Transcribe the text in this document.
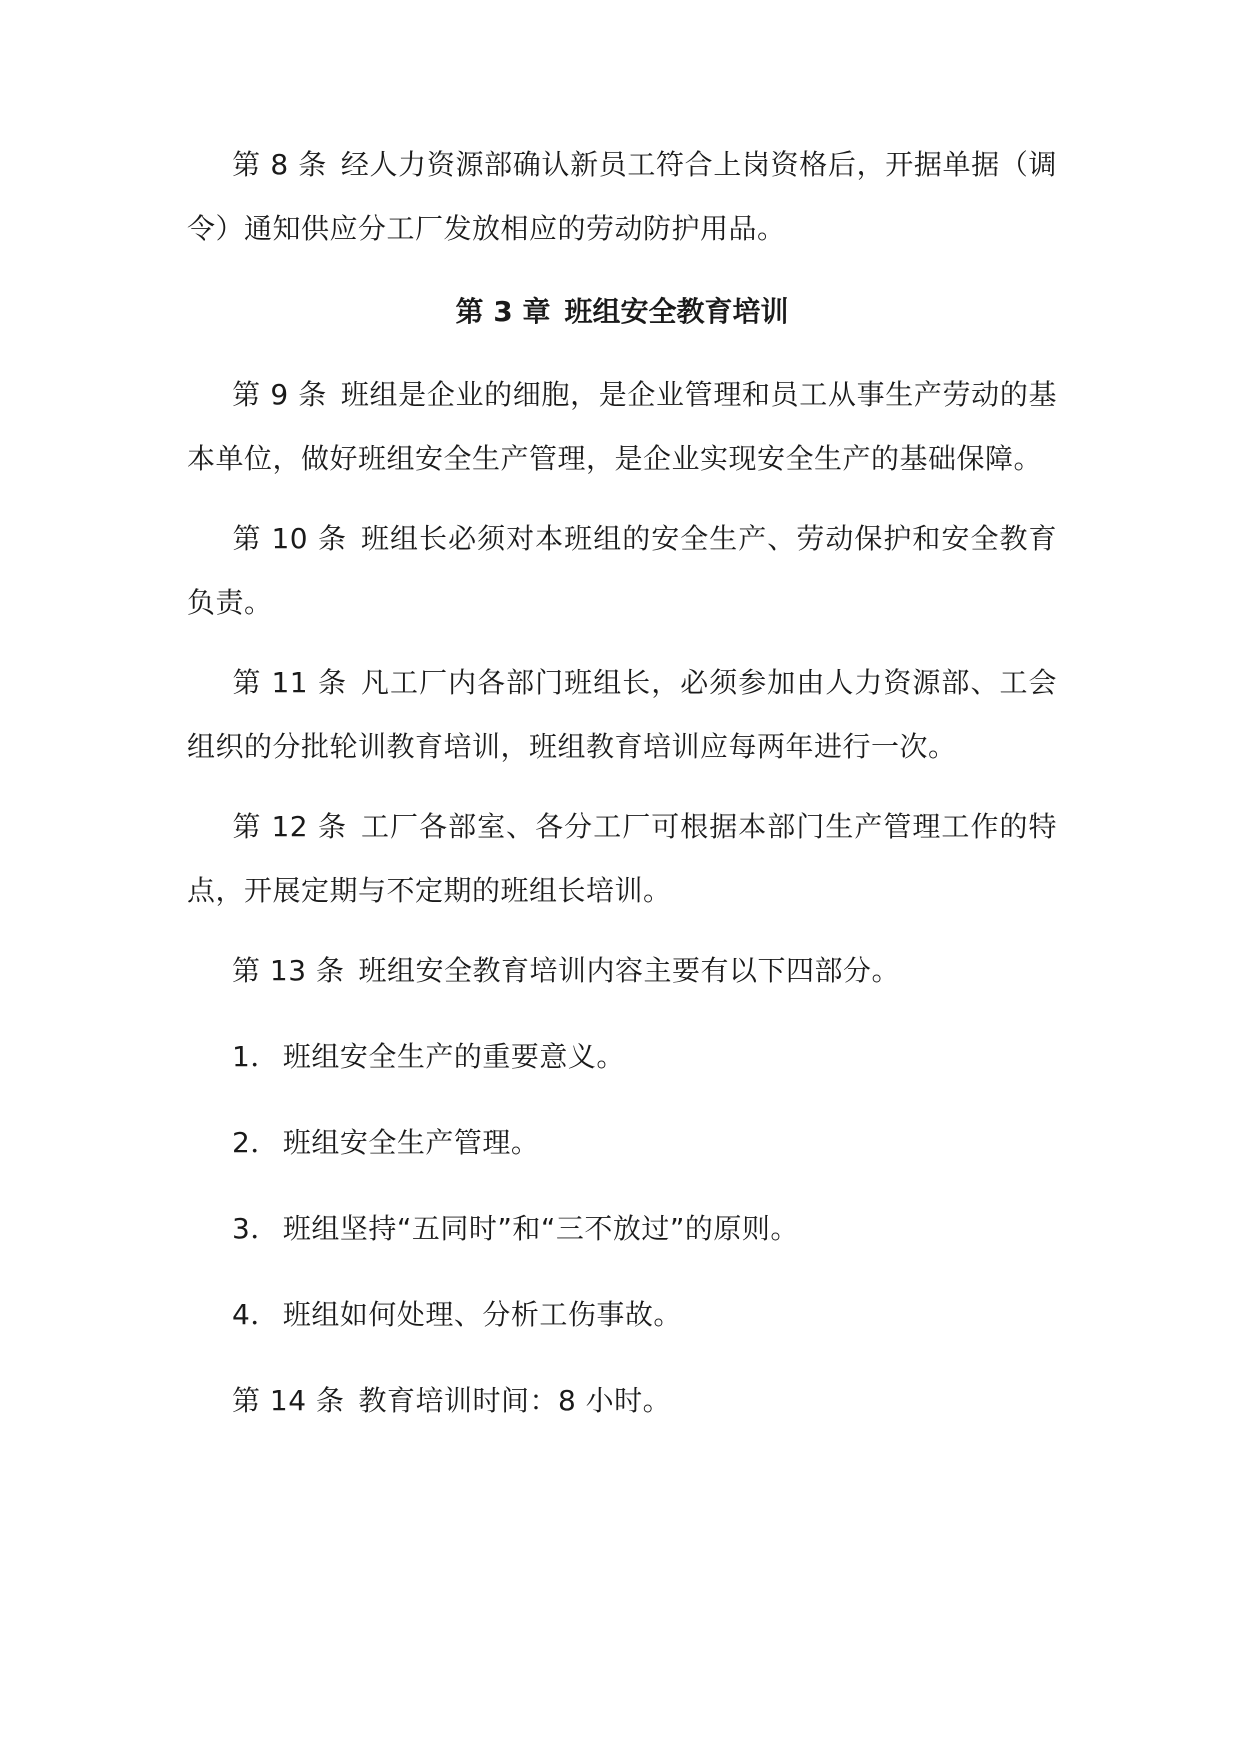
第 8 条 经人力资源部确认新员工符合上岗资格后，开据单据（调令）通知供应分工厂发放相应的劳动防护用品。

第 3 章 班组安全教育培训

第 9 条 班组是企业的细胞，是企业管理和员工从事生产劳动的基本单位，做好班组安全生产管理，是企业实现安全生产的基础保障。

第 10 条 班组长必须对本班组的安全生产、劳动保护和安全教育负责。

第 11 条 凡工厂内各部门班组长，必须参加由人力资源部、工会组织的分批轮训教育培训，班组教育培训应每两年进行一次。

第 12 条 工厂各部室、各分工厂可根据本部门生产管理工作的特点，开展定期与不定期的班组长培训。

第 13 条 班组安全教育培训内容主要有以下四部分。

1． 班组安全生产的重要意义。

2． 班组安全生产管理。

3． 班组坚持“五同时”和“三不放过”的原则。

4． 班组如何处理、分析工伤事故。

第 14 条 教育培训时间：8 小时。
